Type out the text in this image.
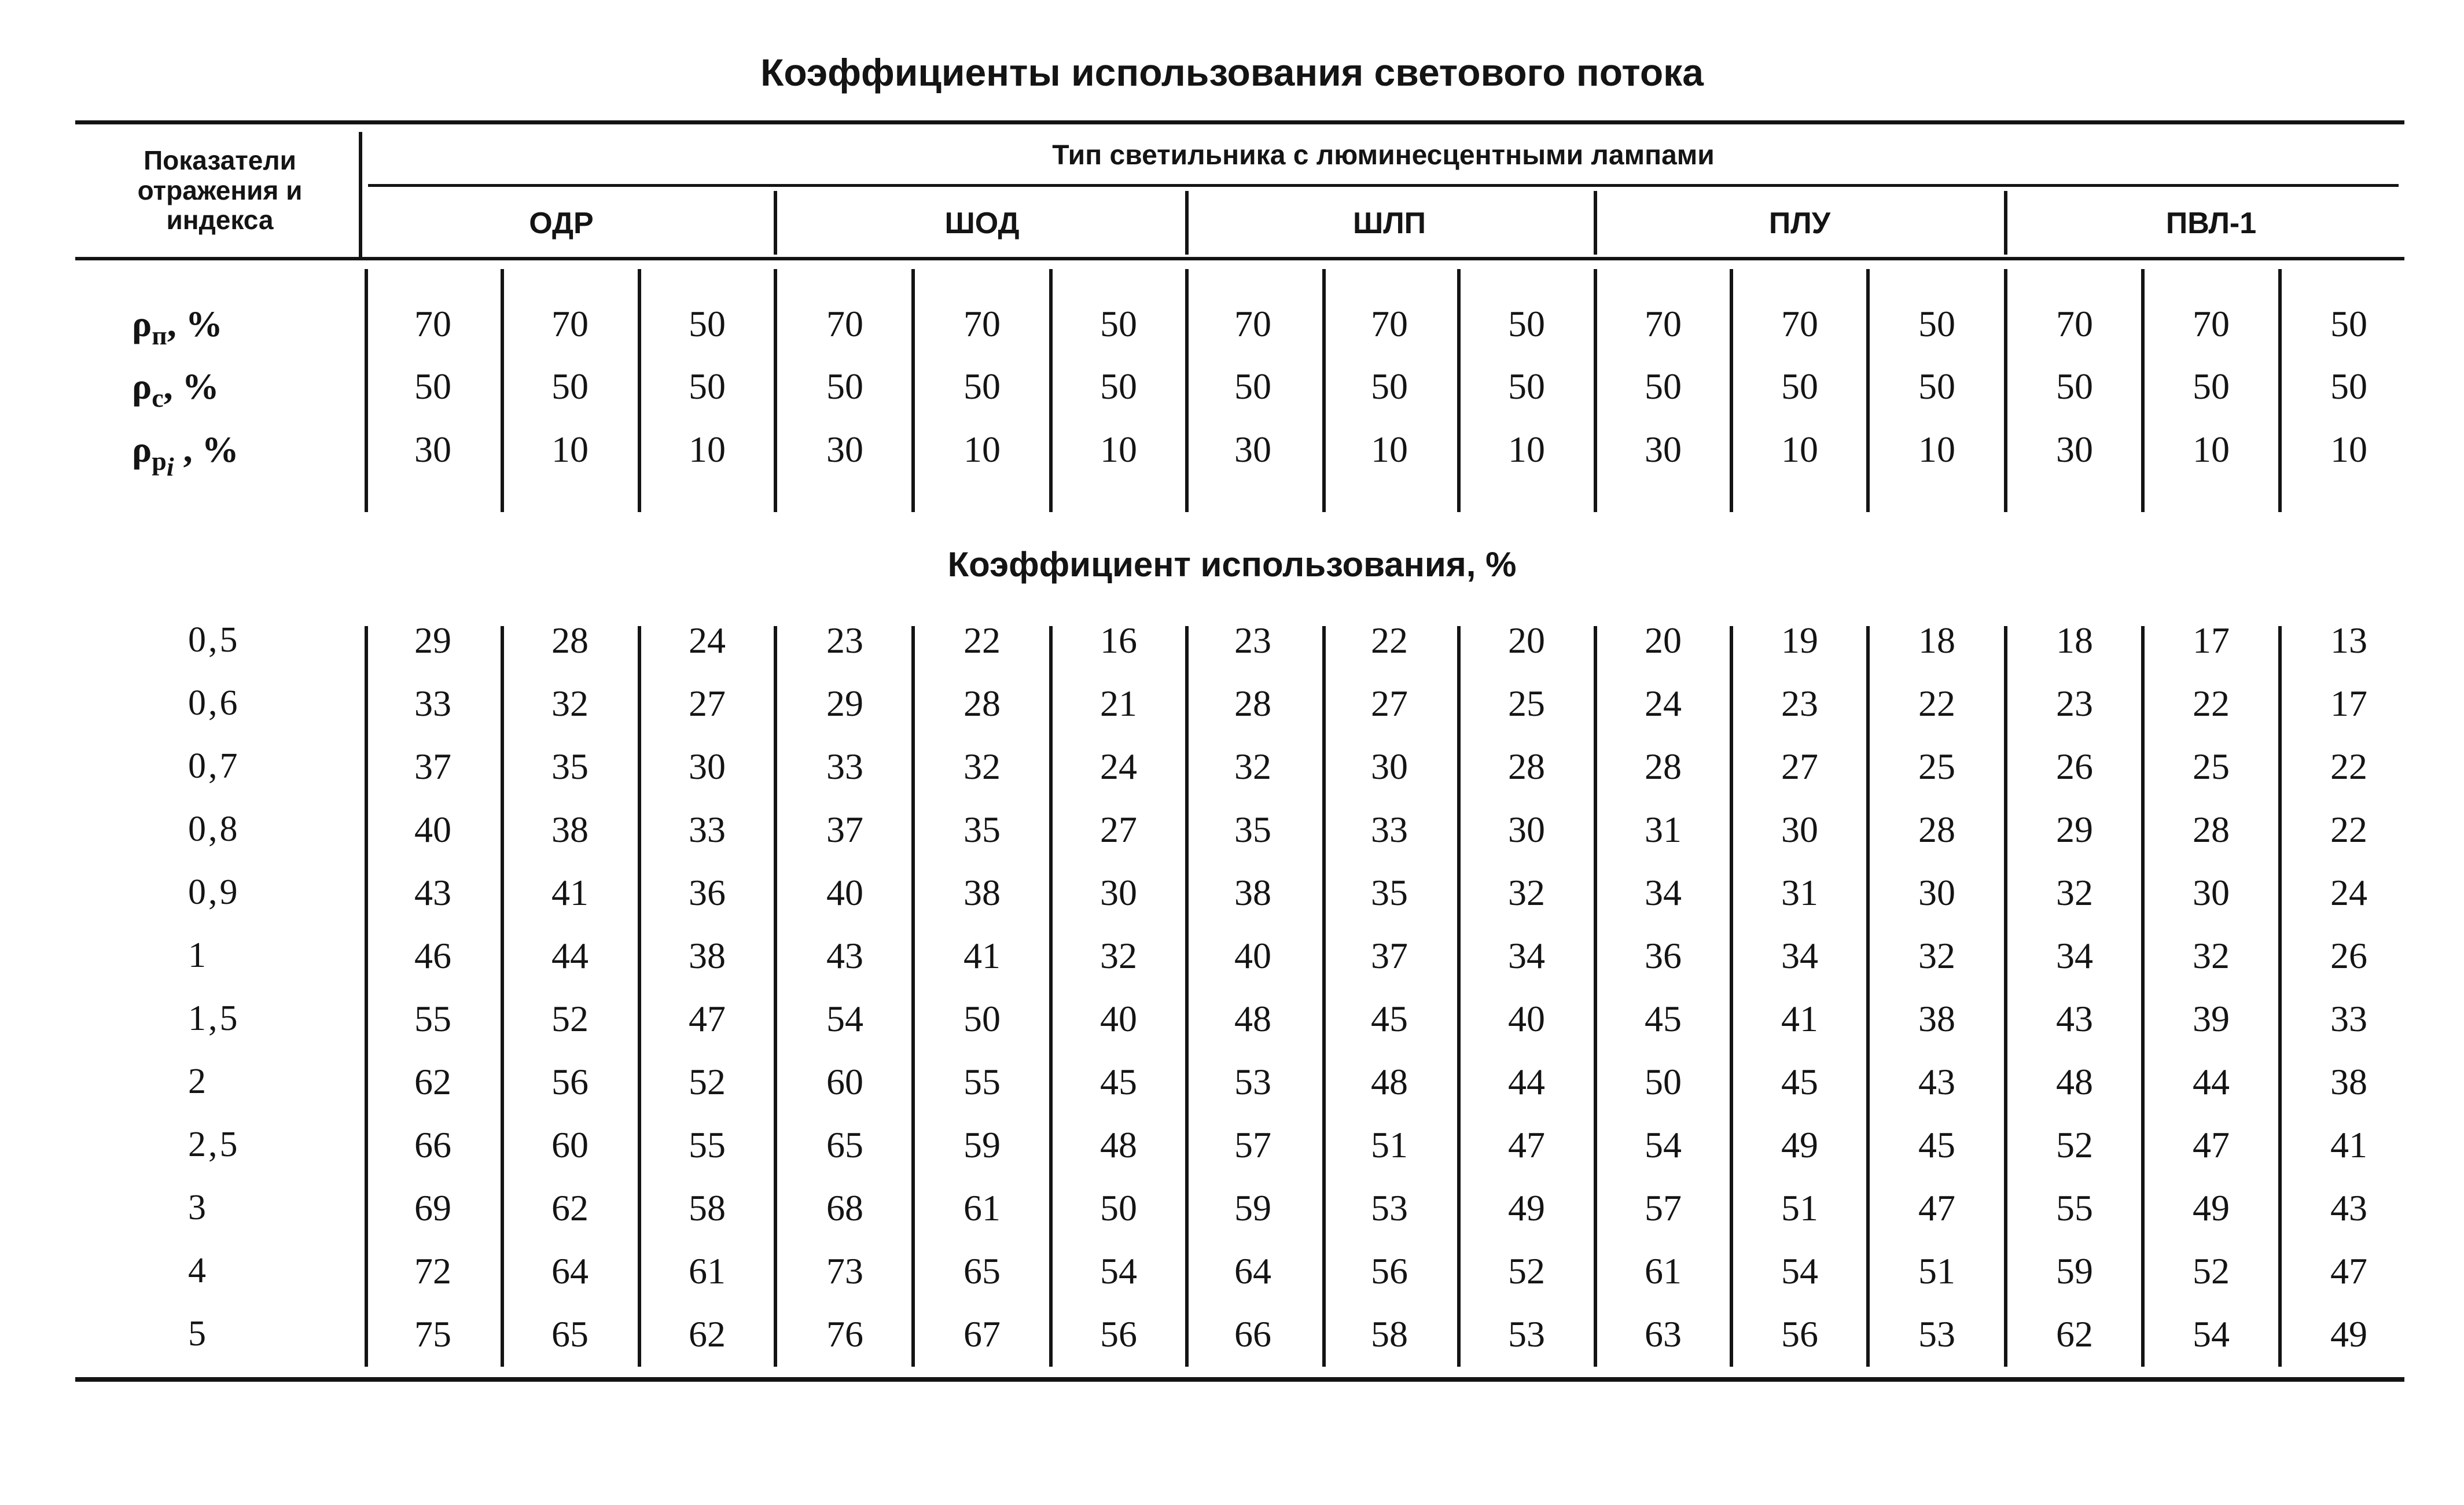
Коэффициенты использования светового потока
Показатели
отражения и
индекса
Тип светильника с люминесцентными лампами
ОДР	ШОД	ШЛП	ПЛУ	ПВЛ-1
$\rho_п$, %	70	70	50	70	70	50	70	70	50	70	70	50	70	70	50
$\rho_с$, %	50	50	50	50	50	50	50	50	50	50	50	50	50	50	50
$\rho_{р_i}$ , %	30	10	10	30	10	10	30	10	10	30	10	10	30	10	10
0,5	29	28	24	23	22	16	23	22	20	20	19	18	18	17	13
0,6	33	32	27	29	28	21	28	27	25	24	23	22	23	22	17
0,7	37	35	30	33	32	24	32	30	28	28	27	25	26	25	22
0,8	40	38	33	37	35	27	35	33	30	31	30	28	29	28	22
0,9	43	41	36	40	38	30	38	35	32	34	31	30	32	30	24
1	46	44	38	43	41	32	40	37	34	36	34	32	34	32	26
1,5	55	52	47	54	50	40	48	45	40	45	41	38	43	39	33
2	62	56	52	60	55	45	53	48	44	50	45	43	48	44	38
2,5	66	60	55	65	59	48	57	51	47	54	49	45	52	47	41
3	69	62	58	68	61	50	59	53	49	57	51	47	55	49	43
4	72	64	61	73	65	54	64	56	52	61	54	51	59	52	47
5	75	65	62	76	67	56	66	58	53	63	56	53	62	54	49
Коэффициент использования, %
